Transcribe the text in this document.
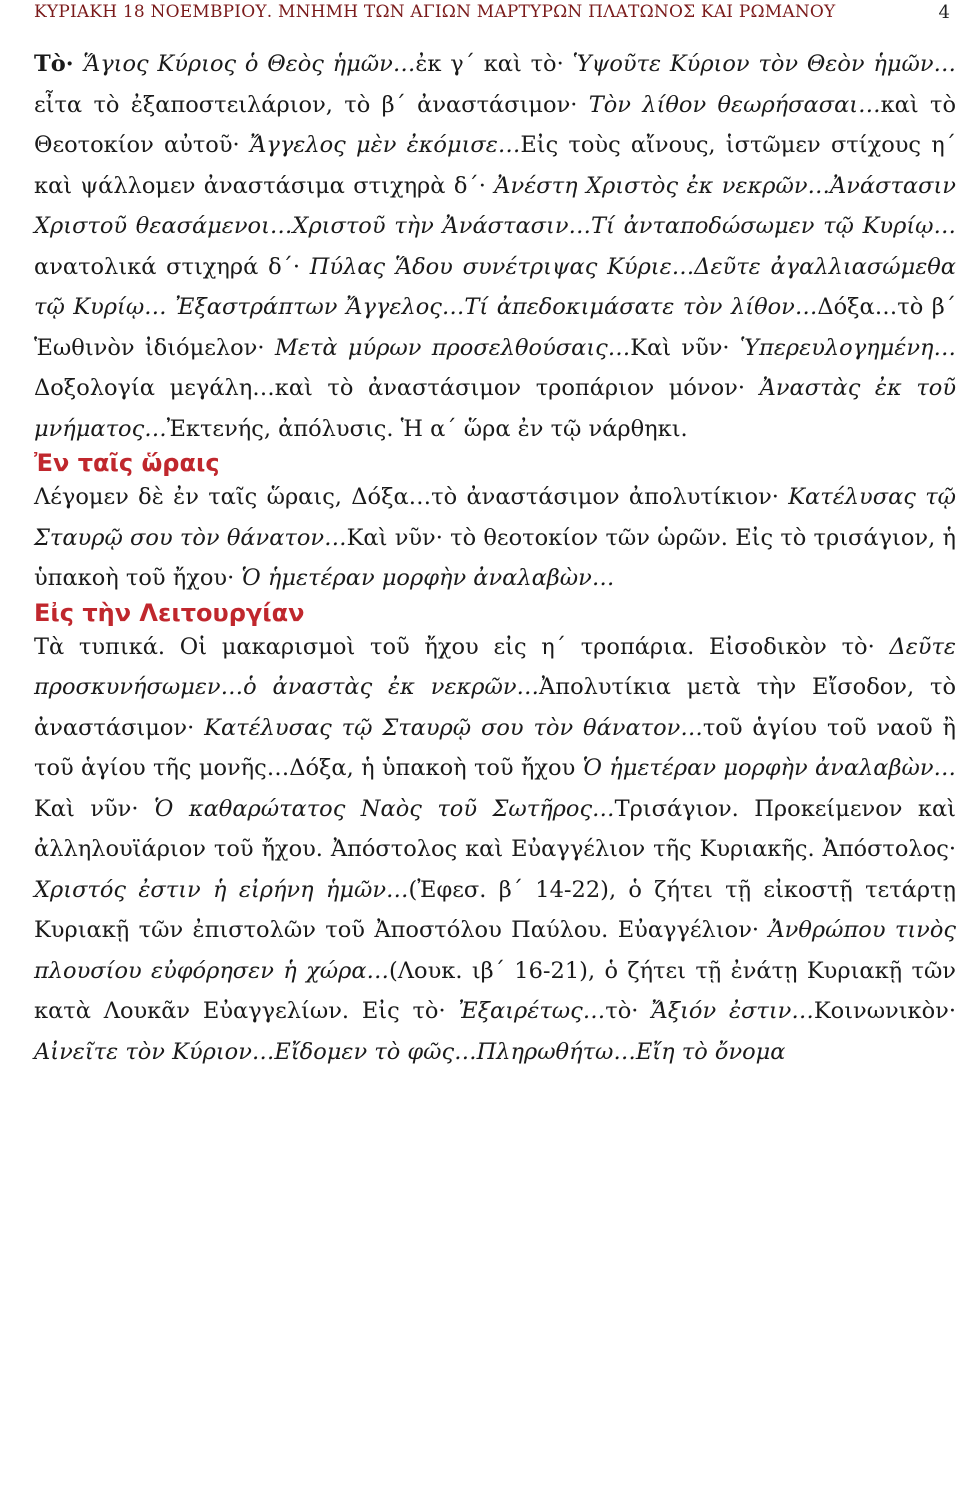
ΚΥΡΙΑΚΗ 18 ΝΟΕΜΒΡΙΟΥ. ΜΝΗΜΗ ΤΩΝ ΑΓΙΩΝ ΜΑΡΤΥΡΩΝ ΠΛΑΤΩΝΟΣ ΚΑΙ ΡΩΜΑΝΟΥ	4

Τὸ· Ἅγιος Κύριος ὁ Θεὸς ἡμῶν…ἐκ γ΄ καὶ τὸ· Ὑψοῦτε Κύριον τὸν Θεὸν ἡμῶν…εἶτα τὸ ἐξαποστειλάριον, τὸ β΄ ἀναστάσιμον· Τὸν λίθον θεωρήσασαι…καὶ τὸ Θεοτοκίον αὐτοῦ· Ἄγγελος μὲν ἐκόμισε…Εἰς τοὺς αἴνους, ἱστῶμεν στίχους η΄ καὶ ψάλλομεν ἀναστάσιμα στιχηρὰ δ΄· Ἀνέστη Χριστὸς ἐκ νεκρῶν…Ἀνάστασιν Χριστοῦ θεασάμενοι…Χριστοῦ τὴν Ἀνάστασιν…Τί ἀνταποδώσωμεν τῷ Κυρίῳ…ανατολικά στιχηρά δ΄· Πύλας Ἅδου συνέτριψας Κύριε…Δεῦτε ἀγαλλιασώμεθα τῷ Κυρίῳ… Ἐξαστράπτων Ἄγγελος…Τί ἀπεδοκιμάσατε τὸν λίθον…Δόξα…τὸ β΄ Ἑωθινὸν ἰδιόμελον· Μετὰ μύρων προσελθούσαις…Καὶ νῦν· Ὑπερευλογημένη… Δοξολογία μεγάλη…καὶ τὸ ἀναστάσιμον τροπάριον μόνον· Ἀναστὰς ἐκ τοῦ μνήματος…Ἐκτενής, ἀπόλυσις. Ἡ α΄ ὥρα ἐν τῷ νάρθηκι.

Ἐν ταῖς ὥραις

Λέγομεν δὲ ἐν ταῖς ὥραις, Δόξα…τὸ ἀναστάσιμον ἀπολυτίκιον· Κατέλυσας τῷ Σταυρῷ σου τὸν θάνατον…Καὶ νῦν· τὸ θεοτοκίον τῶν ὡρῶν. Εἰς τὸ τρισάγιον, ἡ ὑπακοὴ τοῦ ἤχου· Ὁ ἡμετέραν μορφὴν ἀναλαβὼν…

Εἰς τὴν Λειτουργίαν

Τὰ τυπικά. Οἱ μακαρισμοὶ τοῦ ἤχου εἰς η΄ τροπάρια. Εἰσοδικὸν τὸ· Δεῦτε προσκυνήσωμεν…ὁ ἀναστὰς ἐκ νεκρῶν…Ἀπολυτίκια μετὰ τὴν Εἴσοδον, τὸ ἀναστάσιμον· Κατέλυσας τῷ Σταυρῷ σου τὸν θάνατον…τοῦ ἁγίου τοῦ ναοῦ ἢ τοῦ ἁγίου τῆς μονῆς…Δόξα, ἡ ὑπακοὴ τοῦ ἤχου Ὁ ἡμετέραν μορφὴν ἀναλαβὼν…Καὶ νῦν· Ὁ καθαρώτατος Ναὸς τοῦ Σωτῆρος…Τρισάγιον. Προκείμενον καὶ ἀλληλουϊάριον τοῦ ἤχου. Ἀπόστολος καὶ Εὐαγγέλιον τῆς Κυριακῆς. Ἀπόστολος· Χριστός ἐστιν ἡ εἰρήνη ἡμῶν…(Ἐφεσ. β΄ 14-22), ὁ ζήτει τῇ εἰκοστῇ τετάρτῃ Κυριακῇ τῶν ἐπιστολῶν τοῦ Ἀποστόλου Παύλου. Εὐαγγέλιον· Ἀνθρώπου τινὸς πλουσίου εὐφόρησεν ἡ χώρα…(Λουκ. ιβ΄ 16-21), ὁ ζήτει τῇ ἐνάτῃ Κυριακῇ τῶν κατὰ Λουκᾶν Εὐαγγελίων. Εἰς τὸ· Ἐξαιρέτως…τὸ· Ἄξιόν ἐστιν…Κοινωνικὸν· Αἰνεῖτε τὸν Κύριον…Εἴδομεν τὸ φῶς…Πληρωθήτω…Εἴη τὸ ὄνομα
